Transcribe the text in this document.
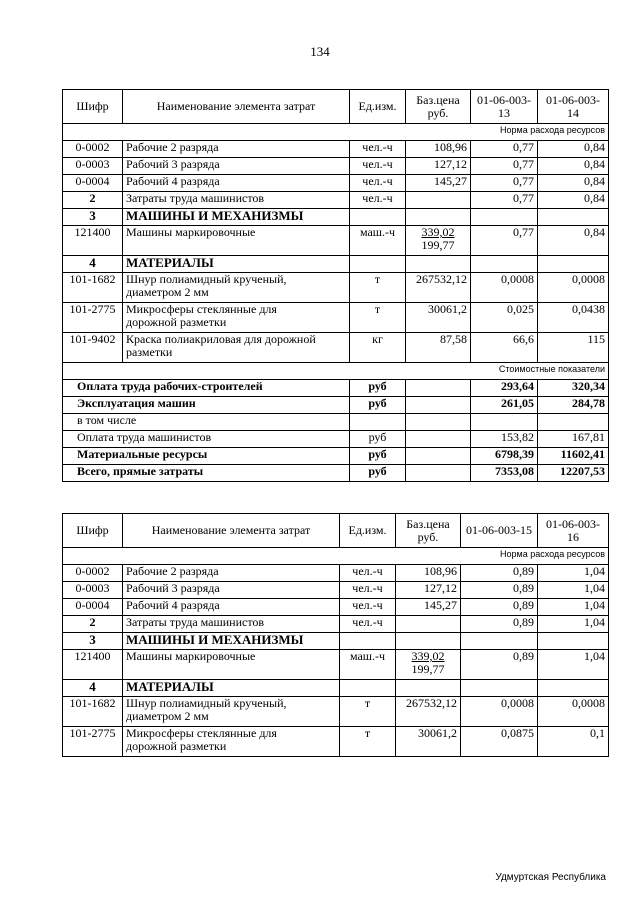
134
Шифр	Наименование элемента затрат	Ед.изм.	Баз.цена руб.	01-06-003-13	01-06-003-14
Норма расхода ресурсов					
0-0002	Рабочие 2 разряда	чел.-ч	108,96	0,77	0,84
0-0003	Рабочий 3 разряда	чел.-ч	127,12	0,77	0,84
0-0004	Рабочий 4 разряда	чел.-ч	145,27	0,77	0,84
2	Затраты труда машинистов	чел.-ч		0,77	0,84
3	МАШИНЫ И МЕХАНИЗМЫ				
121400	Машины маркировочные	маш.-ч	339,02
199,77	0,77	0,84
4	МАТЕРИАЛЫ				
101-1682	Шнур полиамидный крученый,
диаметром 2 мм	т	267532,12	0,0008	0,0008
101-2775	Микросферы стеклянные для
дорожной разметки	т	30061,2	0,025	0,0438
101-9402	Краска полиакриловая для дорожной
разметки	кг	87,58	66,6	115
Стоимостные показатели					
Оплата труда рабочих-строителей		руб		293,64	320,34
Эксплуатация машин		руб		261,05	284,78
в том числе					
Оплата труда машинистов		руб		153,82	167,81
Материальные ресурсы		руб		6798,39	11602,41
Всего, прямые затраты		руб		7353,08	12207,53
Шифр	Наименование элемента затрат	Ед.изм.	Баз.цена руб.	01-06-003-15	01-06-003-16
Норма расхода ресурсов					
0-0002	Рабочие 2 разряда	чел.-ч	108,96	0,89	1,04
0-0003	Рабочий 3 разряда	чел.-ч	127,12	0,89	1,04
0-0004	Рабочий 4 разряда	чел.-ч	145,27	0,89	1,04
2	Затраты труда машинистов	чел.-ч		0,89	1,04
3	МАШИНЫ И МЕХАНИЗМЫ				
121400	Машины маркировочные	маш.-ч	339,02
199,77	0,89	1,04
4	МАТЕРИАЛЫ				
101-1682	Шнур полиамидный крученый,
диаметром 2 мм	т	267532,12	0,0008	0,0008
101-2775	Микросферы стеклянные для
дорожной разметки	т	30061,2	0,0875	0,1
Удмуртская Республика
